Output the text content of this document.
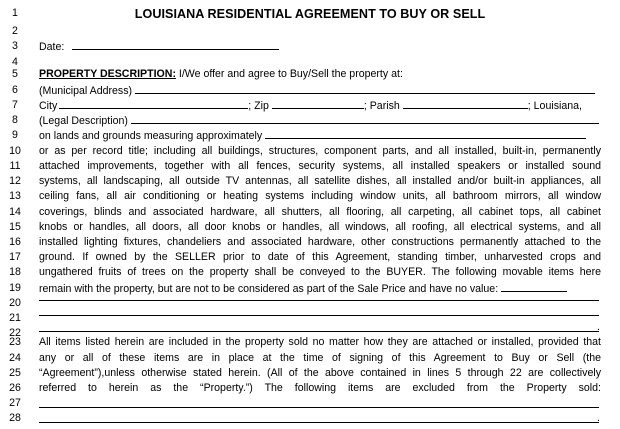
LOUISIANA RESIDENTIAL AGREEMENT TO BUY OR SELL
1
2
3
4
5
6
7
8
9
10
11
12
13
14
15
16
17
18
19
20
21
22
23
24
25
26
27
28
Date:
PROPERTY DESCRIPTION: I/We offer and agree to Buy/Sell the property at:
(Municipal Address)
City	; Zip	; Parish	; Louisiana,
(Legal Description)
on lands and grounds measuring approximately
or as per record title; including all buildings, structures, component parts, and all installed, built-in, permanently
attached improvements, together with all fences, security systems, all installed speakers or installed sound
systems, all landscaping, all outside TV antennas, all satellite dishes, all installed and/or built-in appliances, all
ceiling fans, all air conditioning or heating systems including window units, all bathroom mirrors, all window
coverings, blinds and associated hardware, all shutters, all flooring, all carpeting, all cabinet tops, all cabinet
knobs or handles, all doors, all door knobs or handles, all windows, all roofing, all electrical systems, and all
installed lighting fixtures, chandeliers and associated hardware, other constructions permanently attached to the
ground. If owned by the SELLER prior to date of this Agreement, standing timber, unharvested crops and
ungathered fruits of trees on the property shall be conveyed to the BUYER. The following movable items here
remain with the property, but are not to be considered as part of the Sale Price and have no value:
.
All items listed herein are included in the property sold no matter how they are attached or installed, provided that
any or all of these items are in place at the time of signing of this Agreement to Buy or Sell (the
“Agreement”),unless otherwise stated herein. (All of the above contained in lines 5 through 22 are collectively
referred to herein as the “Property.”) The following items are excluded from the Property sold:
.
